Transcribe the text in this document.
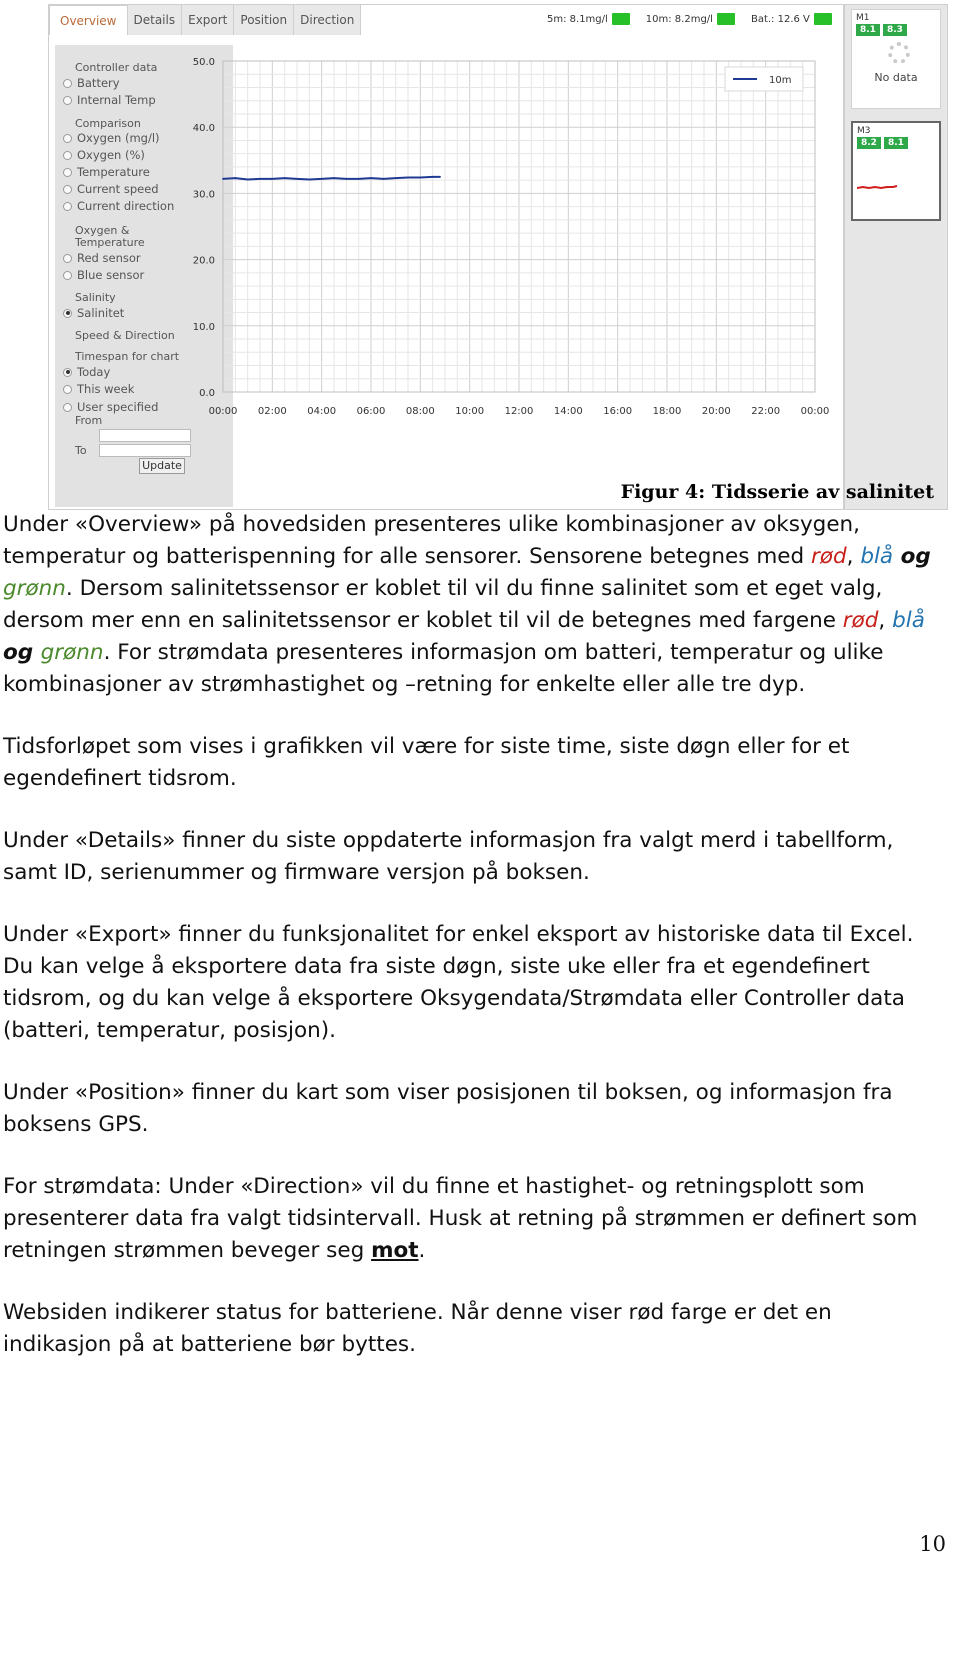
Overview	Details	Export	Position	Direction	5m: 8.1mg/l	10m: 8.2mg/l	Bat.: 12.6 V
Controller data
Battery
Internal Temp
Comparison
Oxygen (mg/l)
Oxygen (%)
Temperature
Current speed
Current direction
Oxygen &
Temperature
Red sensor
Blue sensor
Salinity
Salinitet
Speed & Direction
Timespan for chart
Today
This week
User specified
From
To
Update
0.0
10.0
20.0
30.0
40.0
50.0
00:00 02:00 04:00 06:00 08:00 10:00 12:00 14:00 16:00 18:00 20:00 22:00 00:00
10m
M1
8.1	8.3
No data
M3
8.2	8.1
Figur 4: Tidsserie av salinitet

Under «Overview» på hovedsiden presenteres ulike kombinasjoner av oksygen, temperatur og batterispenning for alle sensorer. Sensorene betegnes med rød, blå og grønn. Dersom salinitetssensor er koblet til vil du finne salinitet som et eget valg, dersom mer enn en salinitetssensor er koblet til vil de betegnes med fargene rød, blå og grønn. For strømdata presenteres informasjon om batteri, temperatur og ulike kombinasjoner av strømhastighet og –retning for enkelte eller alle tre dyp.

Tidsforløpet som vises i grafikken vil være for siste time, siste døgn eller for et egendefinert tidsrom.

Under «Details» finner du siste oppdaterte informasjon fra valgt merd i tabellform, samt ID, serienummer og firmware versjon på boksen.

Under «Export» finner du funksjonalitet for enkel eksport av historiske data til Excel. Du kan velge å eksportere data fra siste døgn, siste uke eller fra et egendefinert tidsrom, og du kan velge å eksportere Oksygendata/Strømdata eller Controller data (batteri, temperatur, posisjon).

Under «Position» finner du kart som viser posisjonen til boksen, og informasjon fra boksens GPS.

For strømdata: Under «Direction» vil du finne et hastighet- og retningsplott som presenterer data fra valgt tidsintervall. Husk at retning på strømmen er definert som retningen strømmen beveger seg mot.

Websiden indikerer status for batteriene. Når denne viser rød farge er det en indikasjon på at batteriene bør byttes.

10
